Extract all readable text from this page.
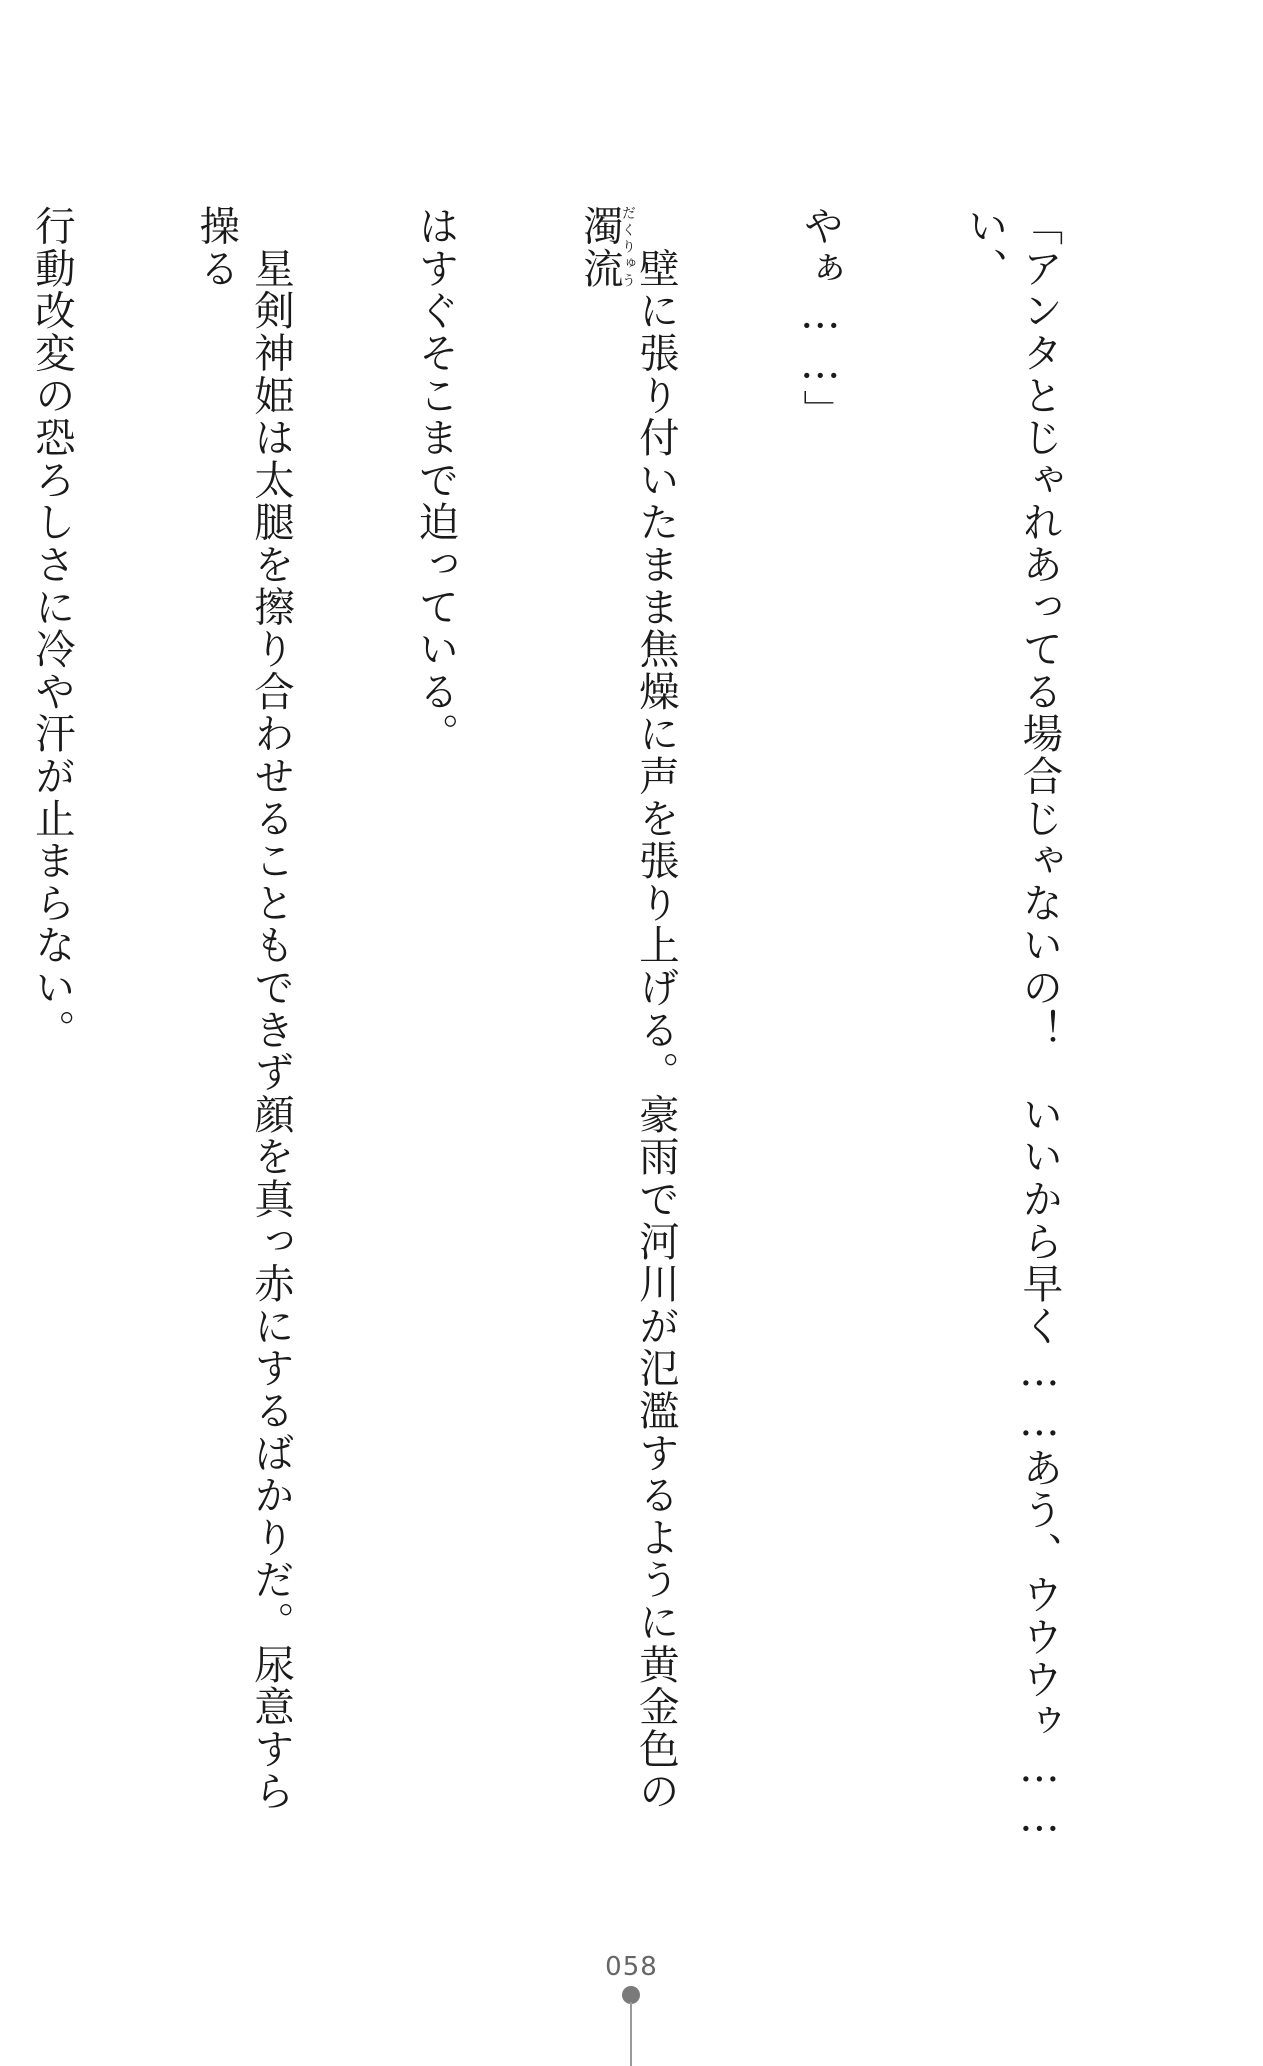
「アンタとじゃれあってる場合じゃないの！　いいから早く……あう、ウウウゥ……い、

やぁ……」

　壁に張り付いたまま焦燥に声を張り上げる。豪雨で河川が氾濫するように黄金色の濁流だくりゅう

はすぐそこまで迫っている。

　星剣神姫は太腿を擦り合わせることもできず顔を真っ赤にするばかりだ。尿意すら操る

行動改変の恐ろしさに冷や汗が止まらない。

058
